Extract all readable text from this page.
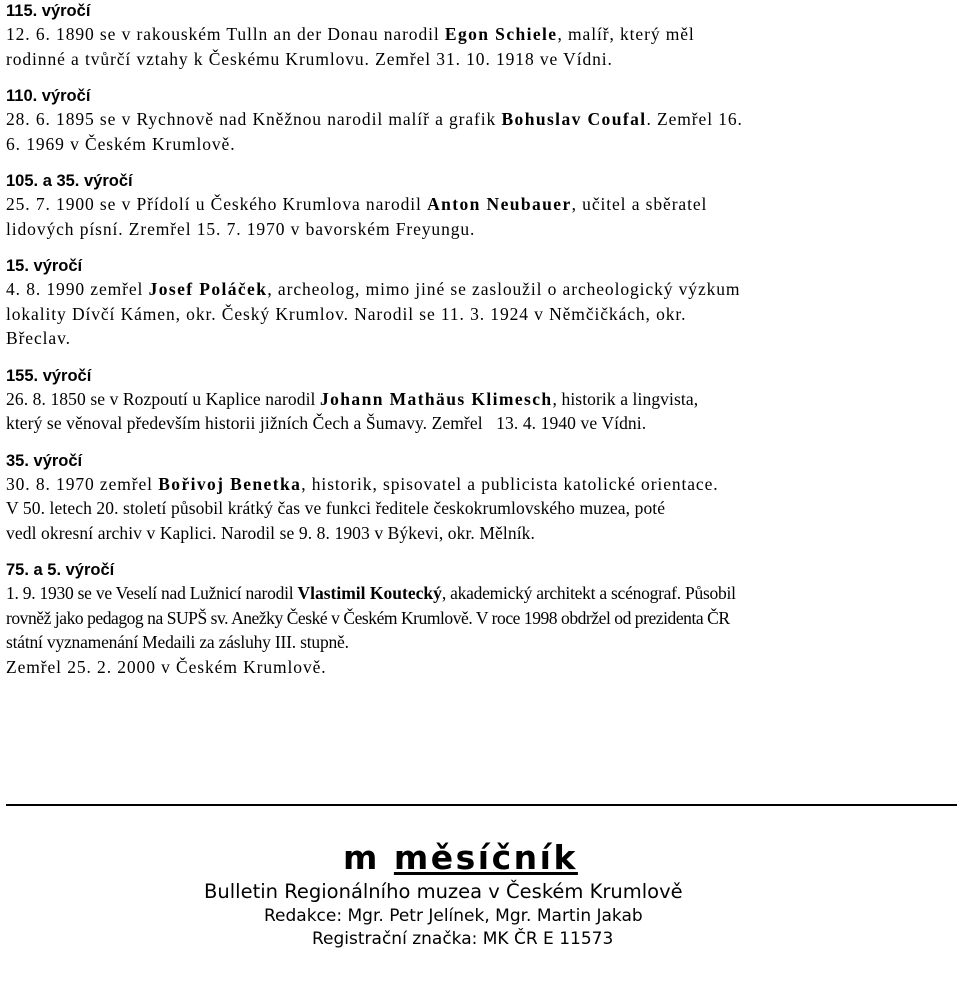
115. výročí

12. 6. 1890 se v rakouském Tulln an der Donau narodil Egon Schiele, malíř, který měl

rodinné a tvůrčí vztahy k Českému Krumlovu. Zemřel 31. 10. 1918 ve Vídni.

110. výročí

28. 6. 1895 se v Rychnově nad Kněžnou narodil malíř a grafik Bohuslav Coufal. Zemřel 16.

6. 1969 v Českém Krumlově.

105. a 35. výročí

25. 7. 1900 se v Přídolí u Českého Krumlova narodil Anton Neubauer, učitel a sběratel

lidových písní. Zremřel 15. 7. 1970 v bavorském Freyungu.

15. výročí

4. 8. 1990 zemřel Josef Poláček, archeolog, mimo jiné se zasloužil o archeologický výzkum

lokality Dívčí Kámen, okr. Český Krumlov. Narodil se 11. 3. 1924 v Němčičkách, okr.

Břeclav.

155. výročí

26. 8. 1850 se v Rozpoutí u Kaplice narodil Johann Mathäus Klimesch, historik a lingvista,

který se věnoval především historii jižních Čech a Šumavy. Zemřel   13. 4. 1940 ve Vídni.

35. výročí

30. 8. 1970 zemřel Bořivoj Benetka, historik, spisovatel a publicista katolické orientace.

V 50. letech 20. století působil krátký čas ve funkci ředitele českokrumlovského muzea, poté

vedl okresní archiv v Kaplici. Narodil se 9. 8. 1903 v Býkevi, okr. Mělník.

75. a 5. výročí

1. 9. 1930 se ve Veselí nad Lužnicí narodil Vlastimil Koutecký, akademický architekt a scénograf. Působil

rovněž jako pedagog na SUPŠ sv. Anežky České v Českém Krumlově. V roce 1998 obdržel od prezidenta ČR

státní vyznamenání Medaili za zásluhy III. stupně.

Zemřel 25. 2. 2000 v Českém Krumlově.

m měsíčník
Bulletin Regionálního muzea v Českém Krumlově
Redakce: Mgr. Petr Jelínek, Mgr. Martin Jakab
Registrační značka: MK ČR E 11573
